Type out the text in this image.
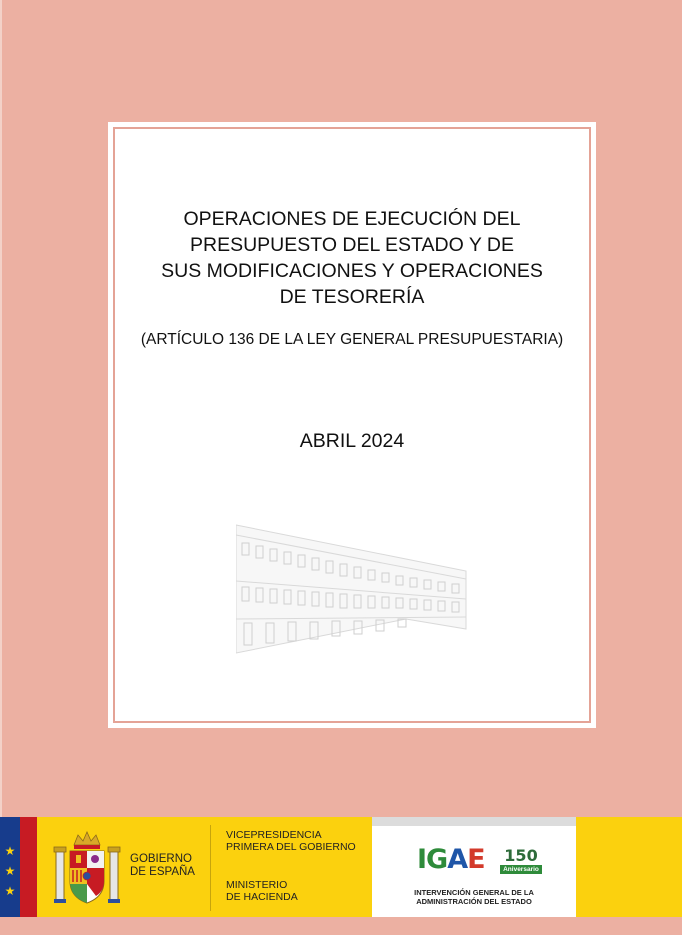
OPERACIONES DE EJECUCIÓN DEL
PRESUPUESTO DEL ESTADO Y DE
SUS MODIFICACIONES Y OPERACIONES
DE TESORERÍA
(ARTÍCULO 136 DE LA LEY GENERAL PRESUPUESTARIA)
ABRIL 2024
★
★
★
GOBIERNO
DE ESPAÑA
VICEPRESIDENCIA
PRIMERA DEL GOBIERNO
MINISTERIO
DE HACIENDA
IGAE 150
Aniversario
INTERVENCIÓN GENERAL DE LA
ADMINISTRACIÓN DEL ESTADO
